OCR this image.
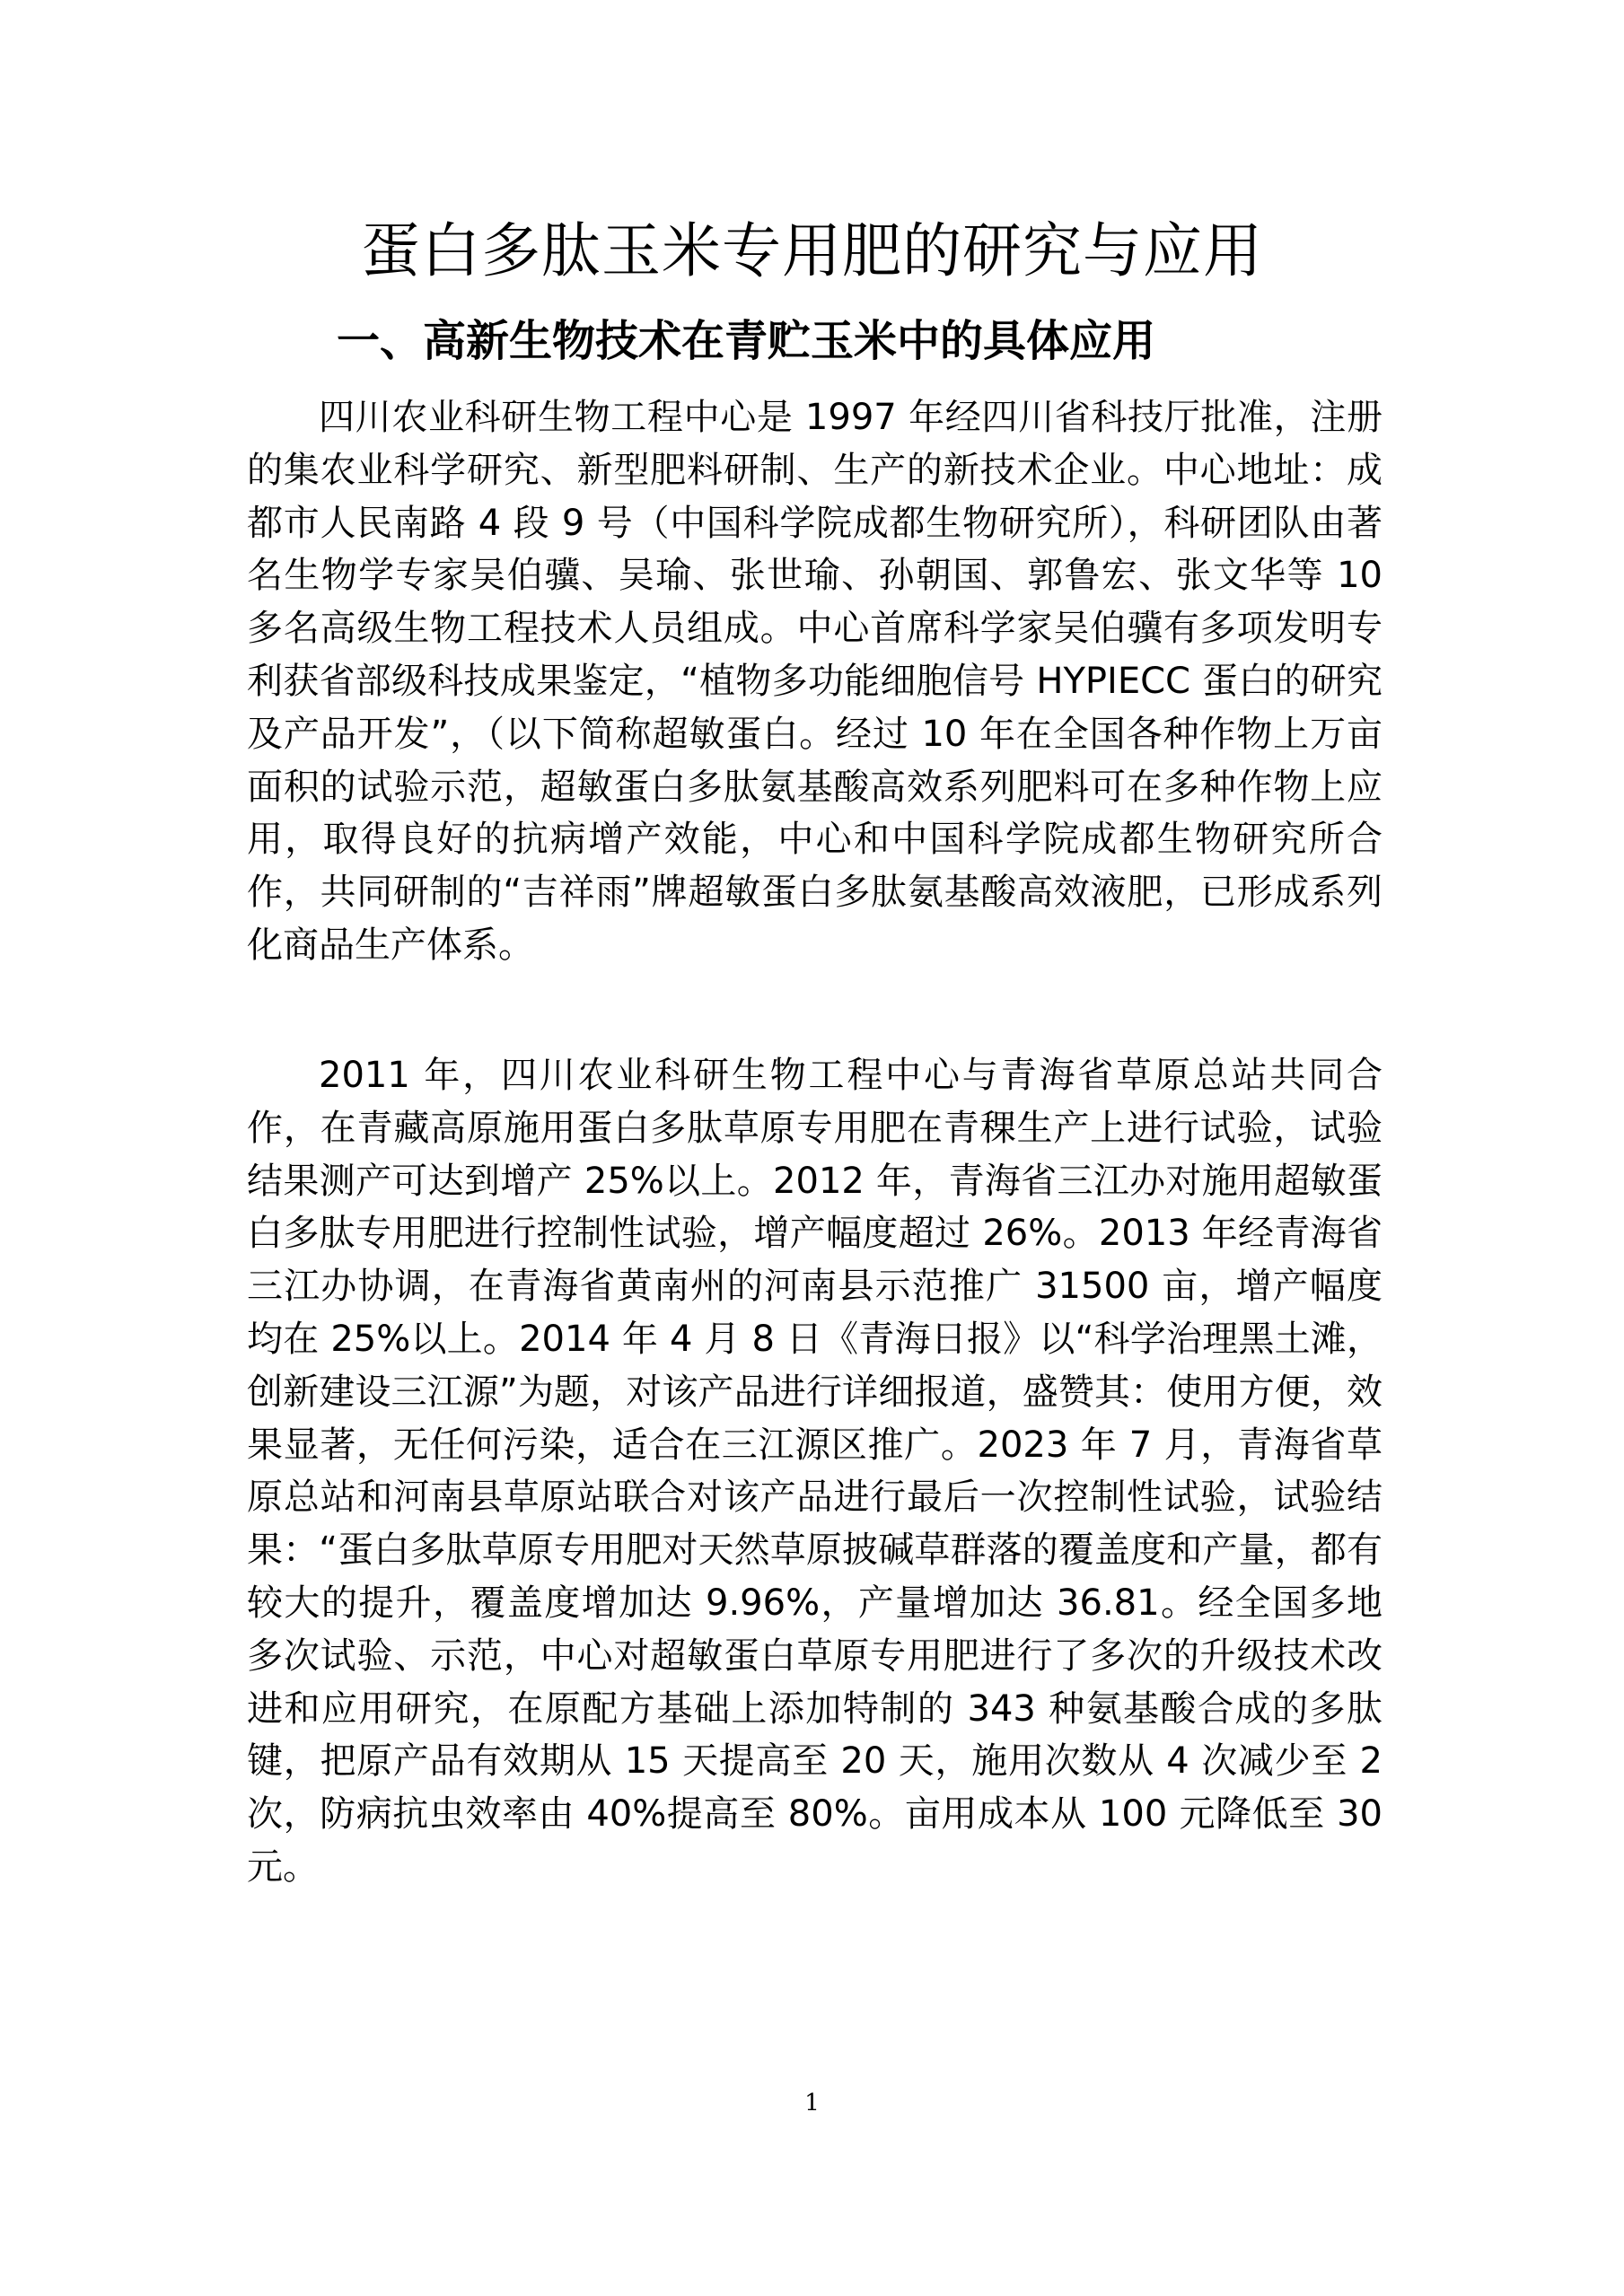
蛋白多肽玉米专用肥的研究与应用
一、高新生物技术在青贮玉米中的具体应用

四川农业科研生物工程中心是 1997 年经四川省科技厅批准，注册的集农业科学研究、新型肥料研制、生产的新技术企业。中心地址：成都市人民南路 4 段 9 号（中国科学院成都生物研究所），科研团队由著名生物学专家吴伯骥、吴瑜、张世瑜、孙朝国、郭鲁宏、张文华等 10 多名高级生物工程技术人员组成。中心首席科学家吴伯骥有多项发明专利获省部级科技成果鉴定，“植物多功能细胞信号 HYPIECC 蛋白的研究及产品开发”，（以下简称超敏蛋白。经过 10 年在全国各种作物上万亩面积的试验示范，超敏蛋白多肽氨基酸高效系列肥料可在多种作物上应用，取得良好的抗病增产效能，中心和中国科学院成都生物研究所合作，共同研制的“吉祥雨”牌超敏蛋白多肽氨基酸高效液肥，已形成系列化商品生产体系。

2011 年，四川农业科研生物工程中心与青海省草原总站共同合作，在青藏高原施用蛋白多肽草原专用肥在青稞生产上进行试验，试验结果测产可达到增产 25%以上。2012 年，青海省三江办对施用超敏蛋白多肽专用肥进行控制性试验，增产幅度超过 26%。2013 年经青海省三江办协调，在青海省黄南州的河南县示范推广 31500 亩，增产幅度均在 25%以上。2014 年 4 月 8 日《青海日报》以“科学治理黑土滩，创新建设三江源”为题，对该产品进行详细报道，盛赞其：使用方便，效果显著，无任何污染，适合在三江源区推广。2023 年 7 月，青海省草原总站和河南县草原站联合对该产品进行最后一次控制性试验，试验结果：“蛋白多肽草原专用肥对天然草原披碱草群落的覆盖度和产量，都有较大的提升，覆盖度增加达 9.96%，产量增加达 36.81。经全国多地多次试验、示范，中心对超敏蛋白草原专用肥进行了多次的升级技术改进和应用研究，在原配方基础上添加特制的 343 种氨基酸合成的多肽键，把原产品有效期从 15 天提高至 20 天，施用次数从 4 次减少至 2 次，防病抗虫效率由 40%提高至 80%。亩用成本从 100 元降低至 30 元。

1
